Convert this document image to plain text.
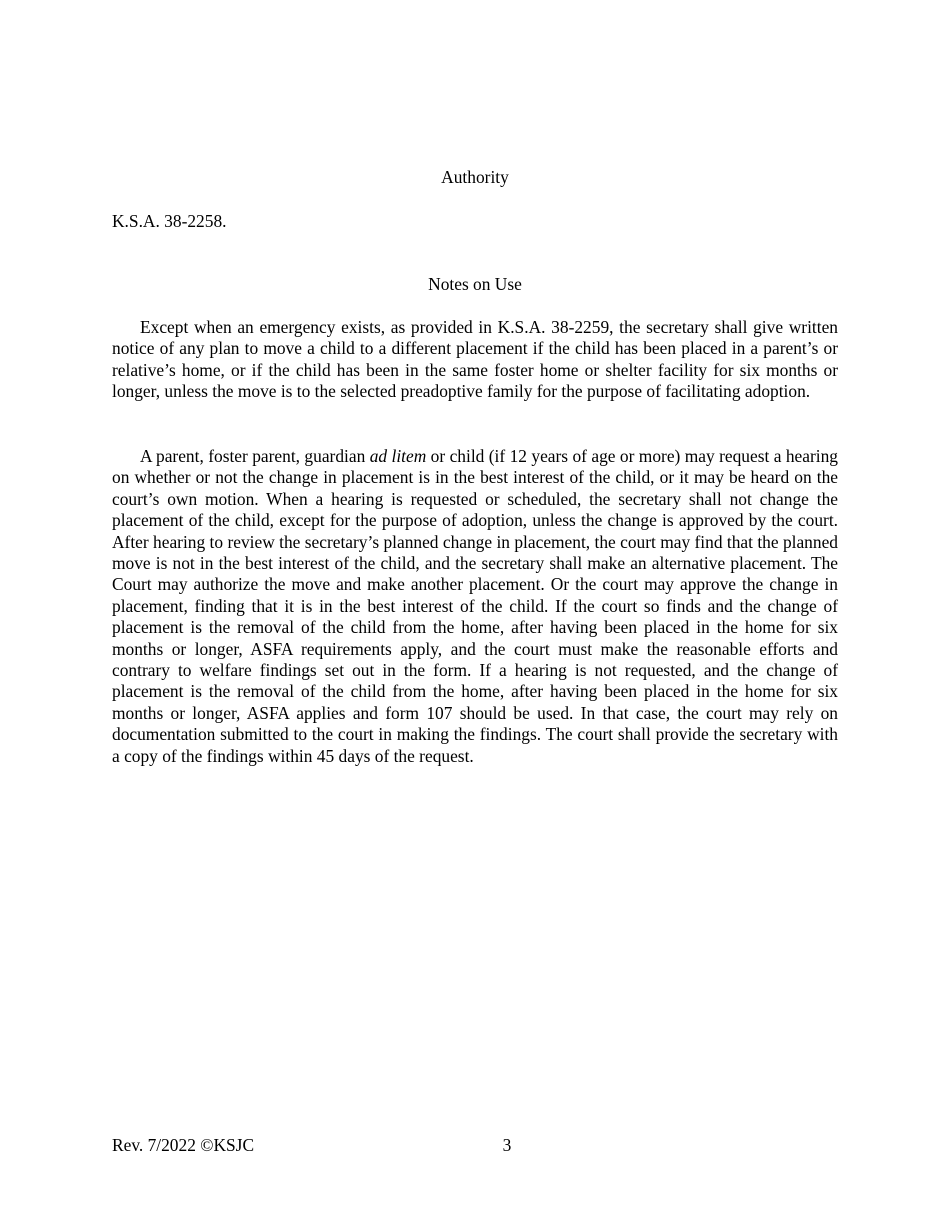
Authority

K.S.A. 38-2258.

Notes on Use

Except when an emergency exists, as provided in K.S.A. 38-2259, the secretary shall give written notice of any plan to move a child to a different placement if the child has been placed in a parent’s or relative’s home, or if the child has been in the same foster home or shelter facility for six months or longer, unless the move is to the selected preadoptive family for the purpose of facilitating adoption.

A parent, foster parent, guardian ad litem or child (if 12 years of age or more) may request a hearing on whether or not the change in placement is in the best interest of the child, or it may be heard on the court’s own motion. When a hearing is requested or scheduled, the secretary shall not change the placement of the child, except for the purpose of adoption, unless the change is approved by the court. After hearing to review the secretary’s planned change in placement, the court may find that the planned move is not in the best interest of the child, and the secretary shall make an alternative placement. The Court may authorize the move and make another placement. Or the court may approve the change in placement, finding that it is in the best interest of the child. If the court so finds and the change of placement is the removal of the child from the home, after having been placed in the home for six months or longer, ASFA requirements apply, and the court must make the reasonable efforts and contrary to welfare findings set out in the form. If a hearing is not requested, and the change of placement is the removal of the child from the home, after having been placed in the home for six months or longer, ASFA applies and form 107 should be used. In that case, the court may rely on documentation submitted to the court in making the findings. The court shall provide the secretary with a copy of the findings within 45 days of the request.

Rev. 7/2022 ©KSJC	3
